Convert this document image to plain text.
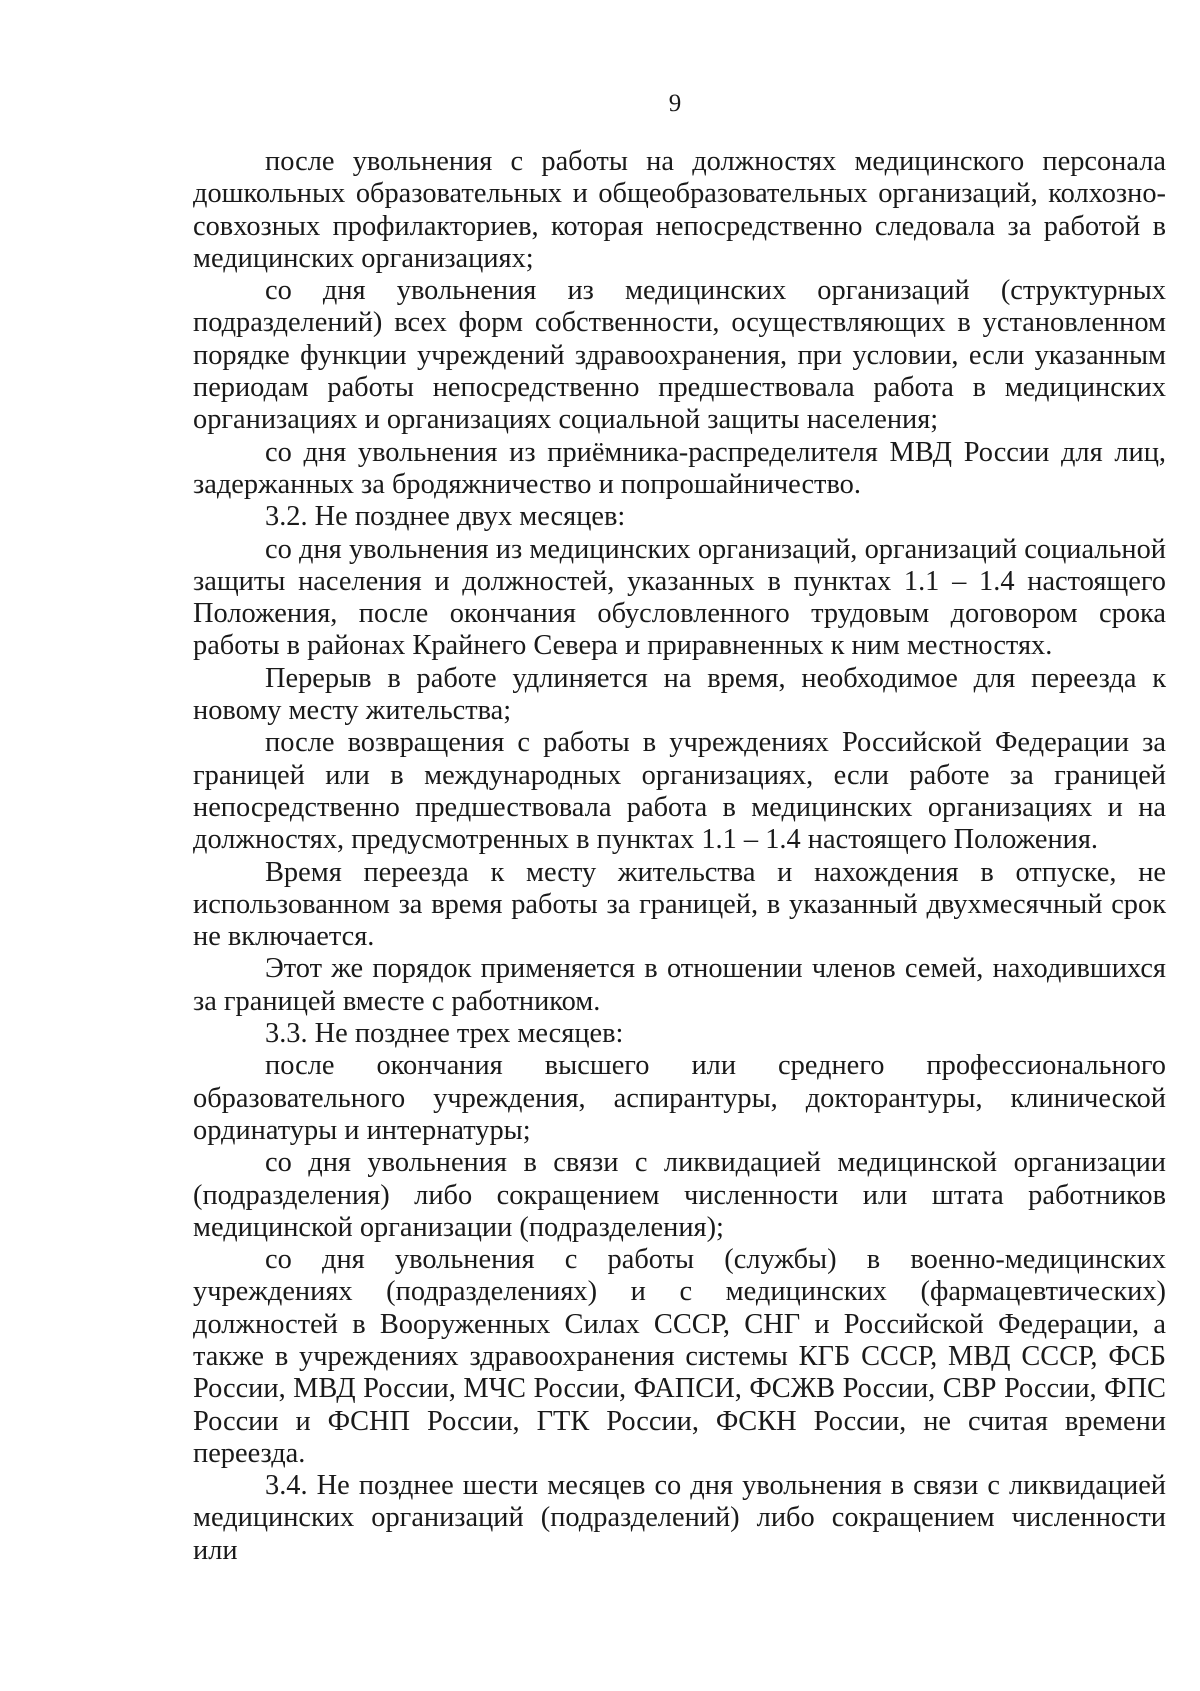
9

после увольнения с работы на должностях медицинского персонала дошкольных образовательных и общеобразовательных организаций, колхозно-совхозных профилакториев, которая непосредственно следовала за работой в медицинских организациях;

со дня увольнения из медицинских организаций (структурных подразделений) всех форм собственности, осуществляющих в установленном порядке функции учреждений здравоохранения, при условии, если указанным периодам работы непосредственно предшествовала работа в медицинских организациях и организациях социальной защиты населения;

со дня увольнения из приёмника-распределителя МВД России для лиц, задержанных за бродяжничество и попрошайничество.

3.2. Не позднее двух месяцев:

со дня увольнения из медицинских организаций, организаций социальной защиты населения и должностей, указанных в пунктах 1.1 – 1.4 настоящего Положения, после окончания обусловленного трудовым договором срока работы в районах Крайнего Севера и приравненных к ним местностях.

Перерыв в работе удлиняется на время, необходимое для переезда к новому месту жительства;

после возвращения с работы в учреждениях Российской Федерации за границей или в международных организациях, если работе за границей непосредственно предшествовала работа в медицинских организациях и на должностях, предусмотренных в пунктах 1.1 – 1.4 настоящего Положения.

Время переезда к месту жительства и нахождения в отпуске, не использованном за время работы за границей, в указанный двухмесячный срок не включается.

Этот же порядок применяется в отношении членов семей, находившихся за границей вместе с работником.

3.3. Не позднее трех месяцев:

после окончания высшего или среднего профессионального образовательного учреждения, аспирантуры, докторантуры, клинической ординатуры и интернатуры;

со дня увольнения в связи с ликвидацией медицинской организации (подразделения) либо сокращением численности или штата работников медицинской организации (подразделения);

со дня увольнения с работы (службы) в военно-медицинских учреждениях (подразделениях) и с медицинских (фармацевтических) должностей в Вооруженных Силах СССР, СНГ и Российской Федерации, а также в учреждениях здравоохранения системы КГБ СССР, МВД СССР, ФСБ России, МВД России, МЧС России, ФАПСИ, ФСЖВ России, СВР России, ФПС России и ФСНП России, ГТК России, ФСКН России, не считая времени переезда.

3.4. Не позднее шести месяцев со дня увольнения в связи с ликвидацией медицинских организаций (подразделений) либо сокращением численности или
